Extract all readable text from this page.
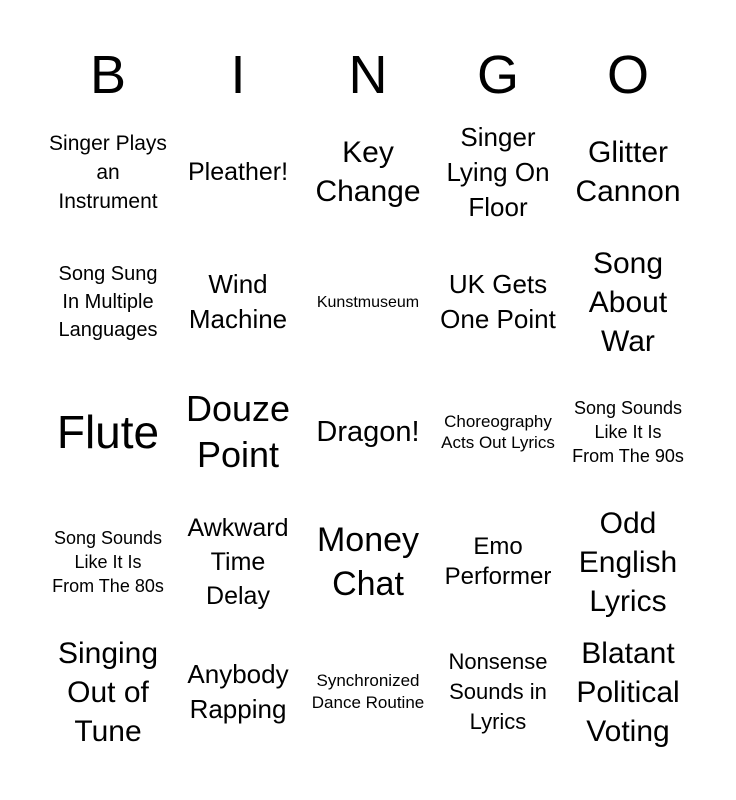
B	I	N	G	O
Singer Plays an Instrument
Pleather!
Key Change
Singer Lying On Floor
Glitter Cannon
Song Sung In Multiple Languages
Wind Machine
Kunstmuseum
UK Gets One Point
Song About War
Flute Douze Point
Dragon!	Choreography Acts Out Lyrics
Song Sounds Like It Is From The 90s
Song Sounds Like It Is From The 80s
Awkward Time Delay
Money Chat
Emo Performer
Odd English Lyrics
Singing Out of Tune
Anybody Rapping
Synchronized Dance Routine
Nonsense Sounds in Lyrics
Blatant Political Voting
